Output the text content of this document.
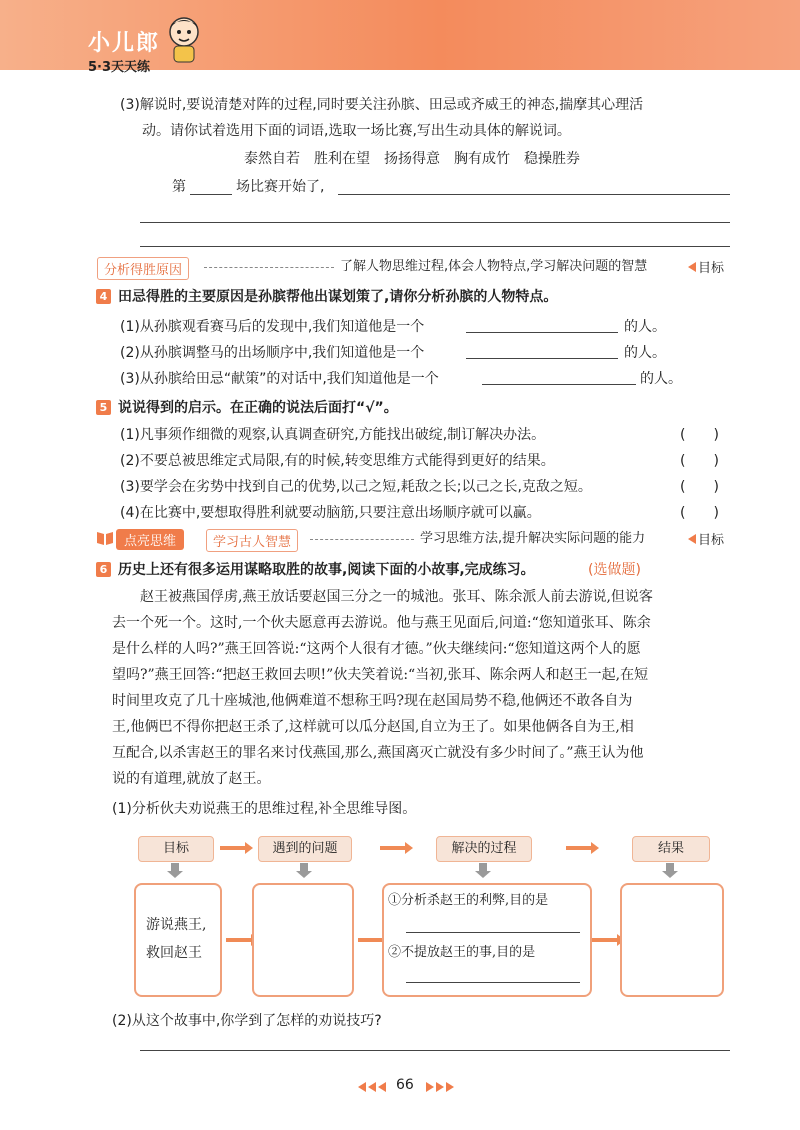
小儿郎
5·3天天练
(3)解说时,要说清楚对阵的过程,同时要关注孙膑、田忌或齐威王的神态,揣摩其心理活
动。请你试着选用下面的词语,选取一场比赛,写出生动具体的解说词。
泰然自若　胜利在望　扬扬得意　胸有成竹　稳操胜券
第	场比赛开始了,
分析得胜原因	了解人物思维过程,体会人物特点,学习解决问题的智慧	目标
4 田忌得胜的主要原因是孙膑帮他出谋划策了,请你分析孙膑的人物特点。
(1)从孙膑观看赛马后的发现中,我们知道他是一个	的人。
(2)从孙膑调整马的出场顺序中,我们知道他是一个	的人。
(3)从孙膑给田忌“献策”的对话中,我们知道他是一个	的人。
5 说说得到的启示。在正确的说法后面打“√”。
(1)凡事须作细微的观察,认真调查研究,方能找出破绽,制订解决办法。	(　　)
(2)不要总被思维定式局限,有的时候,转变思维方式能得到更好的结果。	(　　)
(3)要学会在劣势中找到自己的优势,以己之短,耗敌之长;以己之长,克敌之短。	(　　)
(4)在比赛中,要想取得胜利就要动脑筋,只要注意出场顺序就可以赢。	(　　)
点亮思维	学习古人智慧	学习思维方法,提升解决实际问题的能力	目标
6 历史上还有很多运用谋略取胜的故事,阅读下面的小故事,完成练习。	(选做题)
　　赵王被燕国俘虏,燕王放话要赵国三分之一的城池。张耳、陈余派人前去游说,但说客
去一个死一个。这时,一个伙夫愿意再去游说。他与燕王见面后,问道:“您知道张耳、陈余
是什么样的人吗?”燕王回答说:“这两个人很有才德。”伙夫继续问:“您知道这两个人的愿
望吗?”燕王回答:“把赵王救回去呗!”伙夫笑着说:“当初,张耳、陈余两人和赵王一起,在短
时间里攻克了几十座城池,他俩难道不想称王吗?现在赵国局势不稳,他俩还不敢各自为
王,他俩巴不得你把赵王杀了,这样就可以瓜分赵国,自立为王了。如果他俩各自为王,相
互配合,以杀害赵王的罪名来讨伐燕国,那么,燕国离灭亡就没有多少时间了。”燕王认为他
说的有道理,就放了赵王。
(1)分析伙夫劝说燕王的思维过程,补全思维导图。
目标	遇到的问题	解决的过程	结果
游说燕王,
救回赵王
①分析杀赵王的利弊,目的是
②不提放赵王的事,目的是
(2)从这个故事中,你学到了怎样的劝说技巧?
66
